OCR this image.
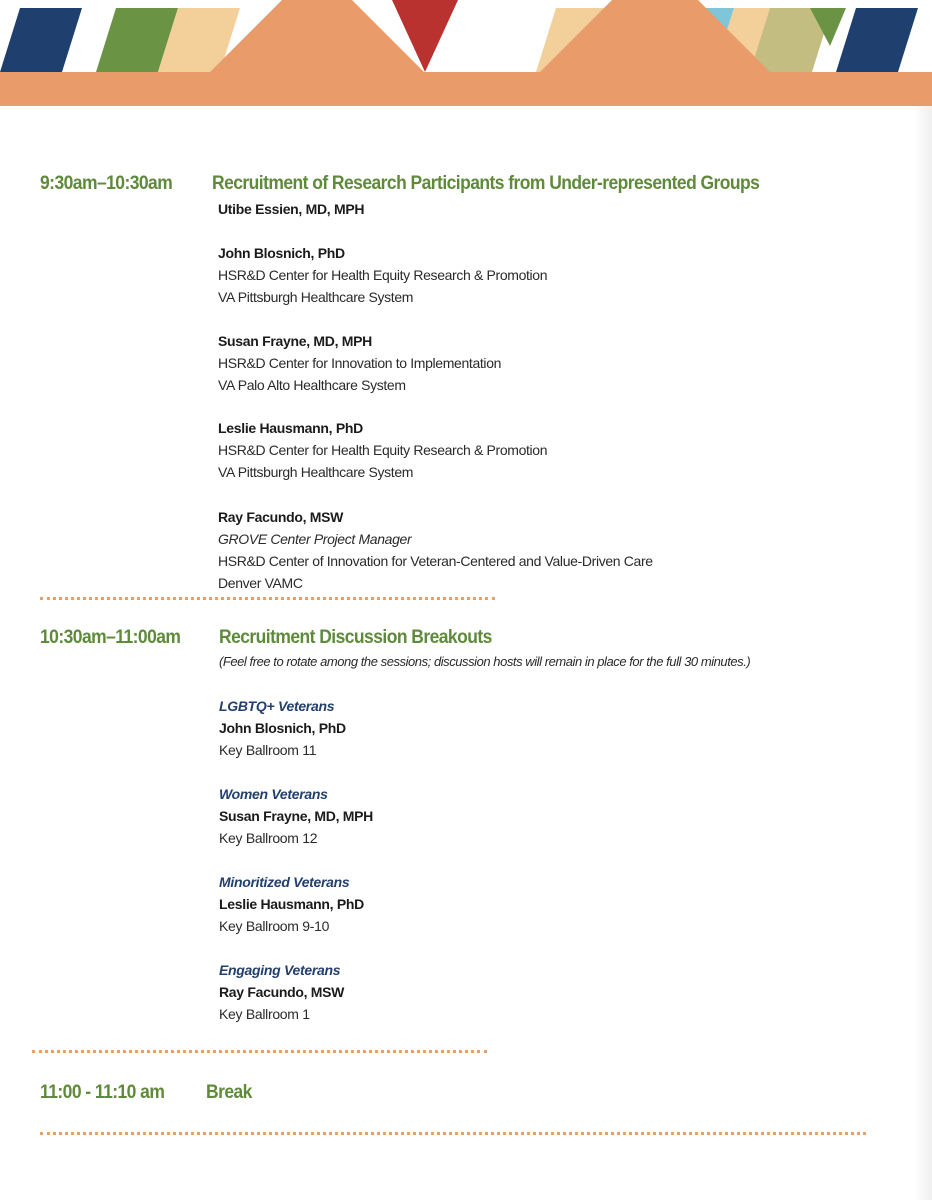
9:30am–10:30am Recruitment of Research Participants from Under-represented Groups
Utibe Essien, MD, MPH
John Blosnich, PhD
HSR&D Center for Health Equity Research & Promotion
VA Pittsburgh Healthcare System
Susan Frayne, MD, MPH
HSR&D Center for Innovation to Implementation
VA Palo Alto Healthcare System
Leslie Hausmann, PhD
HSR&D Center for Health Equity Research & Promotion
VA Pittsburgh Healthcare System
Ray Facundo, MSW
GROVE Center Project Manager
HSR&D Center of Innovation for Veteran-Centered and Value-Driven Care
Denver VAMC
10:30am–11:00am Recruitment Discussion Breakouts
(Feel free to rotate among the sessions; discussion hosts will remain in place for the full 30 minutes.)
LGBTQ+ Veterans
John Blosnich, PhD
Key Ballroom 11
Women Veterans
Susan Frayne, MD, MPH
Key Ballroom 12
Minoritized Veterans
Leslie Hausmann, PhD
Key Ballroom 9-10
Engaging Veterans
Ray Facundo, MSW
Key Ballroom 1
11:00 - 11:10 am Break
